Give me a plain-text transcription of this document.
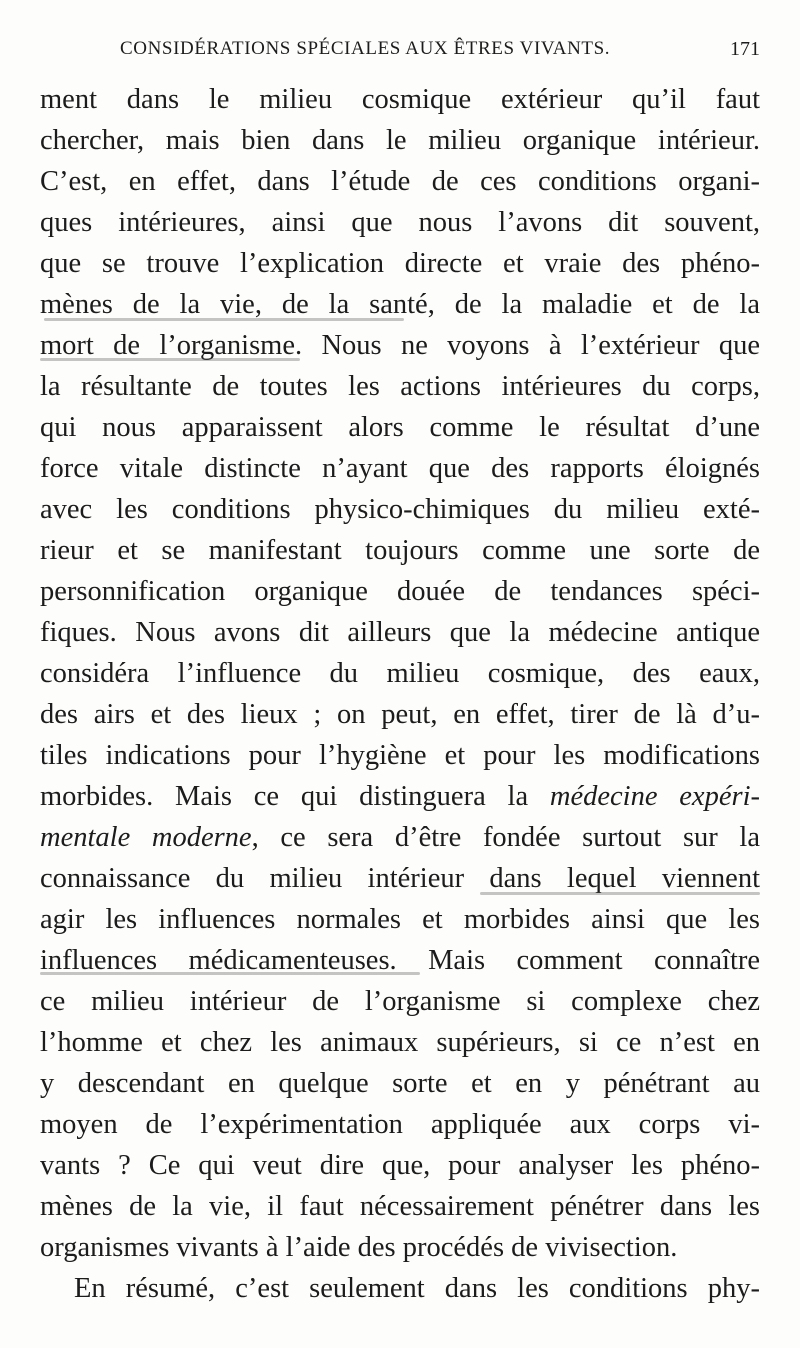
CONSIDÉRATIONS SPÉCIALES AUX ÊTRES VIVANTS.	171
ment dans le milieu cosmique extérieur qu’il faut
chercher, mais bien dans le milieu organique intérieur.
C’est, en effet, dans l’étude de ces conditions organi-
ques intérieures, ainsi que nous l’avons dit souvent,
que se trouve l’explication directe et vraie des phéno-
mènes de la vie, de la santé, de la maladie et de la
mort de l’organisme. Nous ne voyons à l’extérieur que
la résultante de toutes les actions intérieures du corps,
qui nous apparaissent alors comme le résultat d’une
force vitale distincte n’ayant que des rapports éloignés
avec les conditions physico-chimiques du milieu exté-
rieur et se manifestant toujours comme une sorte de
personnification organique douée de tendances spéci-
fiques. Nous avons dit ailleurs que la médecine antique
considéra l’influence du milieu cosmique, des eaux,
des airs et des lieux ; on peut, en effet, tirer de là d’u-
tiles indications pour l’hygiène et pour les modifications
morbides. Mais ce qui distinguera la médecine expéri-
mentale moderne, ce sera d’être fondée surtout sur la
connaissance du milieu intérieur dans lequel viennent
agir les influences normales et morbides ainsi que les
influences médicamenteuses. Mais comment connaître
ce milieu intérieur de l’organisme si complexe chez
l’homme et chez les animaux supérieurs, si ce n’est en
y descendant en quelque sorte et en y pénétrant au
moyen de l’expérimentation appliquée aux corps vi-
vants ? Ce qui veut dire que, pour analyser les phéno-
mènes de la vie, il faut nécessairement pénétrer dans les
organismes vivants à l’aide des procédés de vivisection.
En résumé, c’est seulement dans les conditions phy-
